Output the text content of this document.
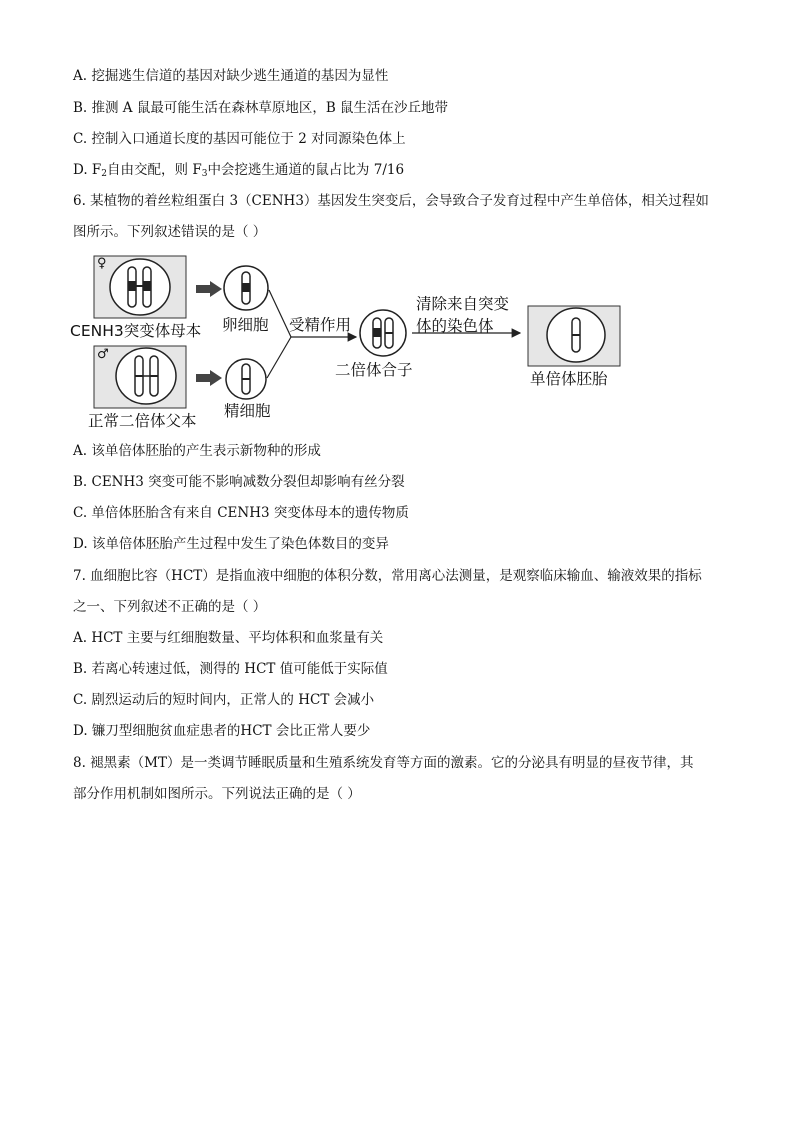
A. 挖掘逃生信道的基因对缺少逃生通道的基因为显性
B. 推测 A 鼠最可能生活在森林草原地区，B 鼠生活在沙丘地带
C. 控制入口通道长度的基因可能位于 2 对同源染色体上
D. $F_2$自由交配，则 $F_3$中会挖逃生通道的鼠占比为 7/16
6. 某植物的着丝粒组蛋白 3（CENH3）基因发生突变后，会导致合子发育过程中产生单倍体，相关过程如
图所示。下列叙述错误的是（ ）
♀
♂
CENH3突变体母本 卵细胞
正常二倍体父本
精细胞
受精作用
二倍体合子
清除来自突变
体的染色体
单倍体胚胎
A. 该单倍体胚胎的产生表示新物种的形成
B. CENH3 突变可能不影响减数分裂但却影响有丝分裂
C. 单倍体胚胎含有来自 CENH3 突变体母本的遗传物质
D. 该单倍体胚胎产生过程中发生了染色体数目的变异
7. 血细胞比容（HCT）是指血液中细胞的体积分数，常用离心法测量，是观察临床输血、输液效果的指标
之一、下列叙述不正确的是（ ）
A. HCT 主要与红细胞数量、平均体积和血浆量有关
B. 若离心转速过低，测得的 HCT 值可能低于实际值
C. 剧烈运动后的短时间内，正常人的 HCT 会减小
D. 镰刀型细胞贫血症患者的HCT 会比正常人要少
8. 褪黑素（MT）是一类调节睡眠质量和生殖系统发育等方面的激素。它的分泌具有明显的昼夜节律，其
部分作用机制如图所示。下列说法正确的是（ ）
